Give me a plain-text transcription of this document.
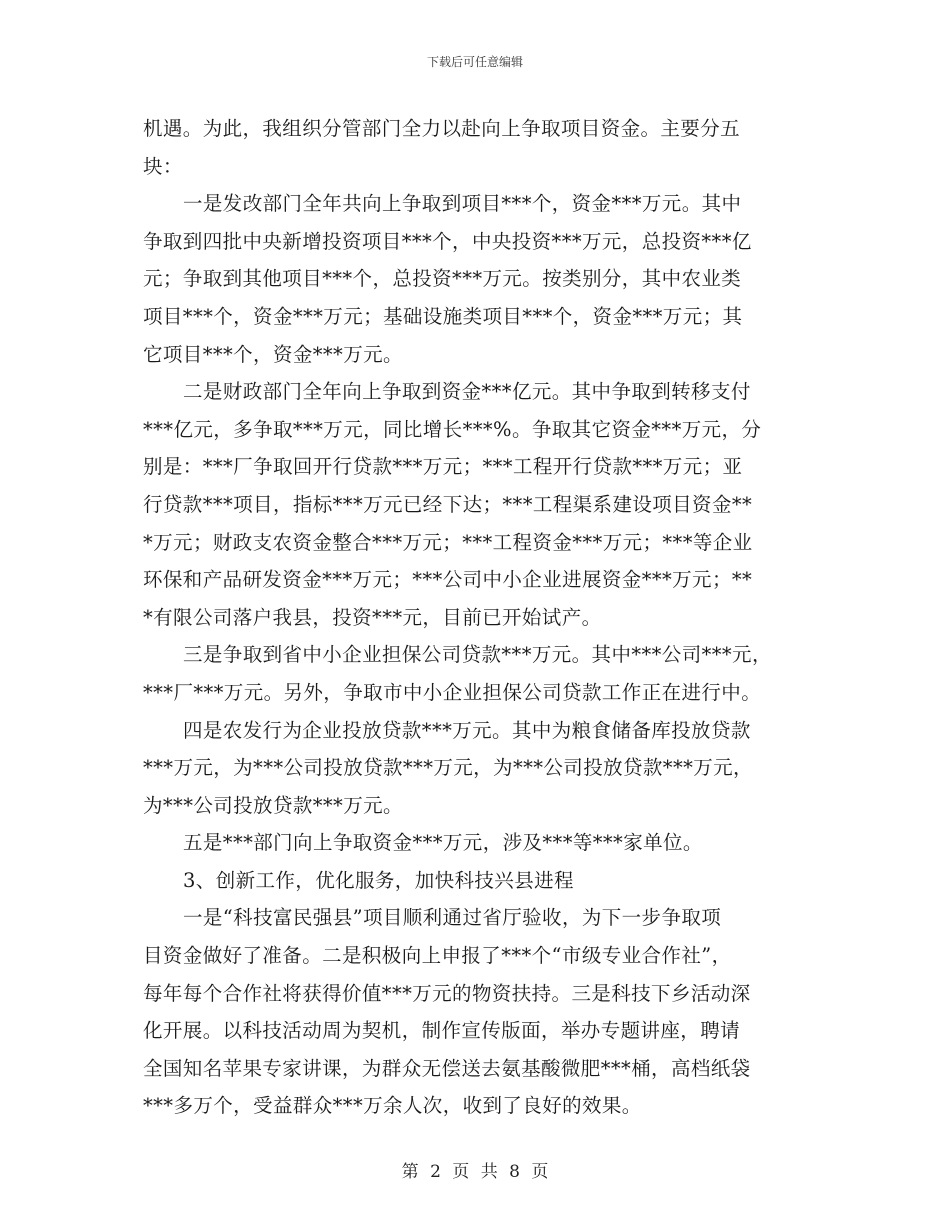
下载后可任意编辑
机遇。为此，我组织分管部门全力以赴向上争取项目资金。主要分五
块：
一是发改部门全年共向上争取到项目***个，资金***万元。其中
争取到四批中央新增投资项目***个，中央投资***万元，总投资***亿
元；争取到其他项目***个，总投资***万元。按类别分，其中农业类
项目***个，资金***万元；基础设施类项目***个，资金***万元；其
它项目***个，资金***万元。
二是财政部门全年向上争取到资金***亿元。其中争取到转移支付
***亿元，多争取***万元，同比增长***%。争取其它资金***万元，分
别是：***厂争取回开行贷款***万元；***工程开行贷款***万元；亚
行贷款***项目，指标***万元已经下达；***工程渠系建设项目资金**
*万元；财政支农资金整合***万元；***工程资金***万元；***等企业
环保和产品研发资金***万元；***公司中小企业进展资金***万元；**
*有限公司落户我县，投资***元，目前已开始试产。
三是争取到省中小企业担保公司贷款***万元。其中***公司***元，
***厂***万元。另外，争取市中小企业担保公司贷款工作正在进行中。
四是农发行为企业投放贷款***万元。其中为粮食储备库投放贷款
***万元，为***公司投放贷款***万元，为***公司投放贷款***万元，
为***公司投放贷款***万元。
五是***部门向上争取资金***万元，涉及***等***家单位。
3、创新工作，优化服务，加快科技兴县进程
一是“科技富民强县”项目顺利通过省厅验收，为下一步争取项
目资金做好了准备。二是积极向上申报了***个“市级专业合作社”，
每年每个合作社将获得价值***万元的物资扶持。三是科技下乡活动深
化开展。以科技活动周为契机，制作宣传版面，举办专题讲座，聘请
全国知名苹果专家讲课，为群众无偿送去氨基酸微肥***桶，高档纸袋
***多万个，受益群众***万余人次，收到了良好的效果。
第 2 页 共 8 页
